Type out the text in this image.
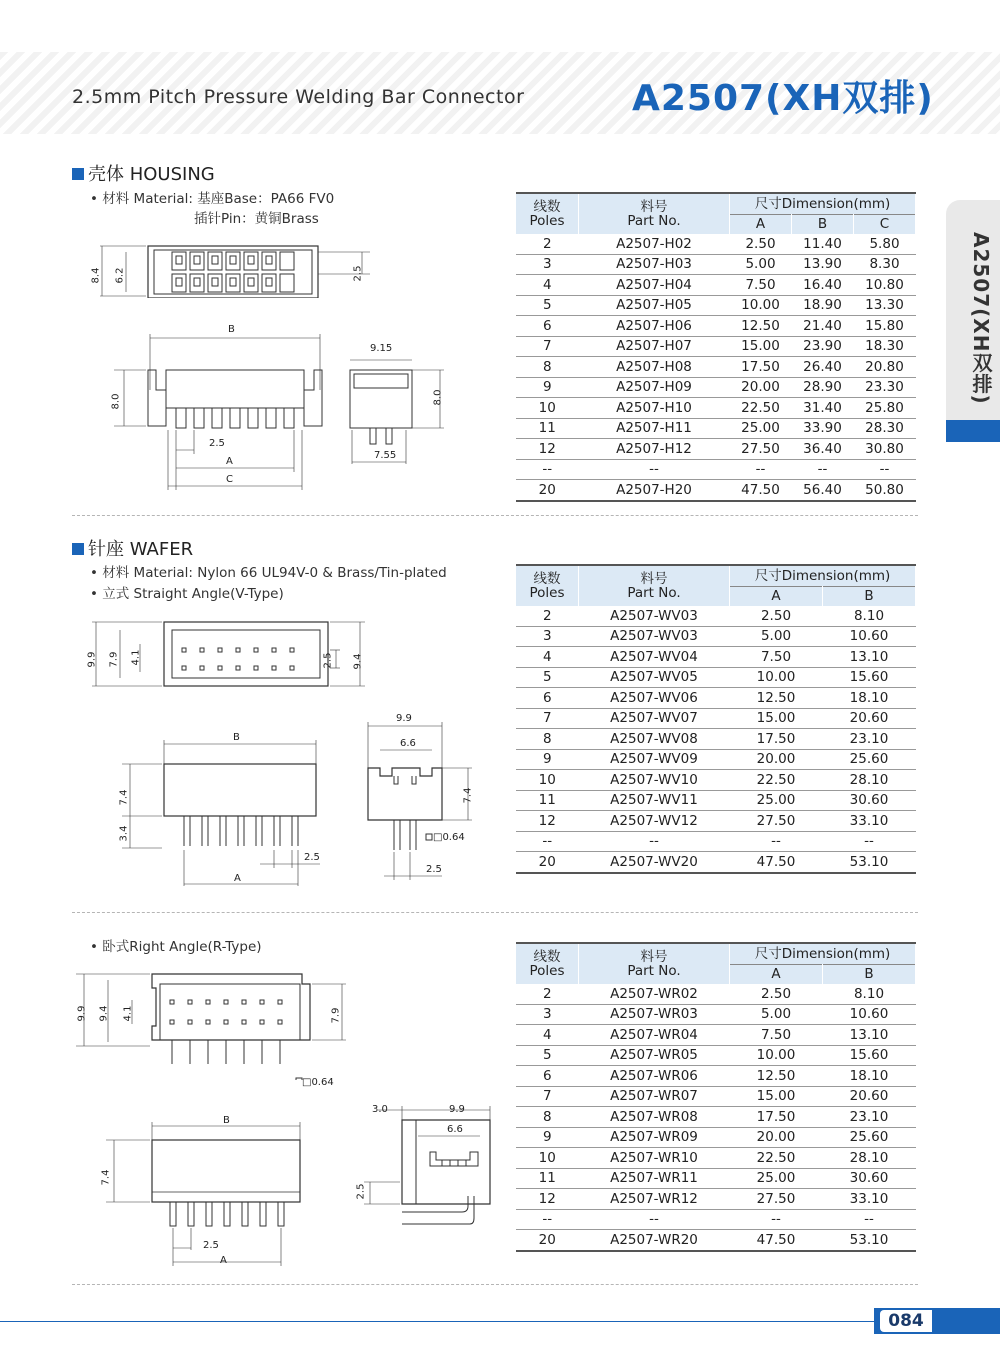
2.5mm Pitch Pressure Welding Bar Connector	A2507(XH双排)
A2507(XH双排)
壳体 HOUSING
• 材料 Material: 基座Base：PA66 FV0
插针Pin：黄铜Brass
8.4 6.2	2.5
B
8.0
2.5
A
C
9.15
8.0
7.55
线数
Poles	料号
Part No.	尺寸Dimension(mm)		
		A	B	C
2	A2507-H02	2.50	11.40	5.80
3	A2507-H03	5.00	13.90	8.30
4	A2507-H04	7.50	16.40	10.80
5	A2507-H05	10.00	18.90	13.30
6	A2507-H06	12.50	21.40	15.80
7	A2507-H07	15.00	23.90	18.30
8	A2507-H08	17.50	26.40	20.80
9	A2507-H09	20.00	28.90	23.30
10	A2507-H10	22.50	31.40	25.80
11	A2507-H11	25.00	33.90	28.30
12	A2507-H12	27.50	36.40	30.80
--	--	--	--	--
20	A2507-H20	47.50	56.40	50.80
针座 WAFER
• 材料 Material: Nylon 66 UL94V-0 & Brass/Tin-plated
• 立式 Straight Angle(V-Type)
9.9 7.9 4.1	2.5 9.4
B
7.4
3.4
2.5
A
9.9
6.6
7.4
□0.64
2.5
线数
Poles	料号
Part No.	尺寸Dimension(mm)	
		A	B
2	A2507-WV03	2.50	8.10
3	A2507-WV03	5.00	10.60
4	A2507-WV04	7.50	13.10
5	A2507-WV05	10.00	15.60
6	A2507-WV06	12.50	18.10
7	A2507-WV07	15.00	20.60
8	A2507-WV08	17.50	23.10
9	A2507-WV09	20.00	25.60
10	A2507-WV10	22.50	28.10
11	A2507-WV11	25.00	30.60
12	A2507-WV12	27.50	33.10
--	--	--	--
20	A2507-WV20	47.50	53.10
• 卧式Right Angle(R-Type)
9.9 9.4 4.1	7.9
□0.64
B
7.4
2.5
A
3.0	9.9
6.6
2.5
线数
Poles	料号
Part No.	尺寸Dimension(mm)	
		A	B
2	A2507-WR02	2.50	8.10
3	A2507-WR03	5.00	10.60
4	A2507-WR04	7.50	13.10
5	A2507-WR05	10.00	15.60
6	A2507-WR06	12.50	18.10
7	A2507-WR07	15.00	20.60
8	A2507-WR08	17.50	23.10
9	A2507-WR09	20.00	25.60
10	A2507-WR10	22.50	28.10
11	A2507-WR11	25.00	30.60
12	A2507-WR12	27.50	33.10
--	--	--	--
20	A2507-WR20	47.50	53.10
084
